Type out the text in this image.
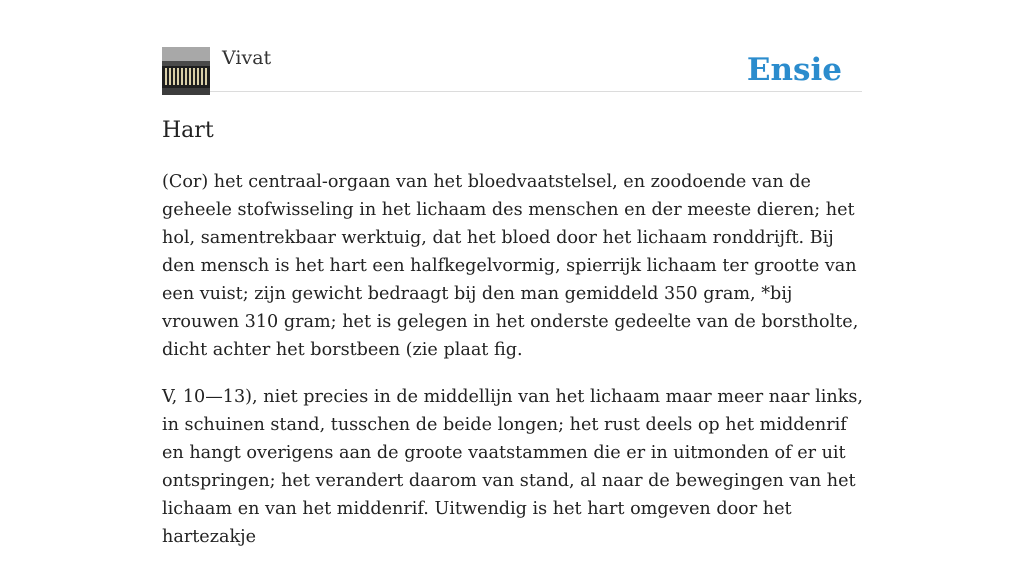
Vivat	Ensie
Hart

(Cor) het centraal-orgaan van het bloedvaatstelsel, en zoodoende van de geheele stofwisseling in het lichaam des menschen en der meeste dieren; het hol, samentrekbaar werktuig, dat het bloed door het lichaam ronddrijft. Bij den mensch is het hart een halfkegelvormig, spierrijk lichaam ter grootte van een vuist; zijn gewicht bedraagt bij den man gemiddeld 350 gram, *bij vrouwen 310 gram; het is gelegen in het onderste gedeelte van de borstholte, dicht achter het borstbeen (zie plaat fig.

V, 10—13), niet precies in de middellijn van het lichaam maar meer naar links, in schuinen stand, tusschen de beide longen; het rust deels op het middenrif en hangt overigens aan de groote vaatstammen die er in uitmonden of er uit ontspringen; het verandert daarom van stand, al naar de bewegingen van het lichaam en van het middenrif. Uitwendig is het hart omgeven door het hartezakje
